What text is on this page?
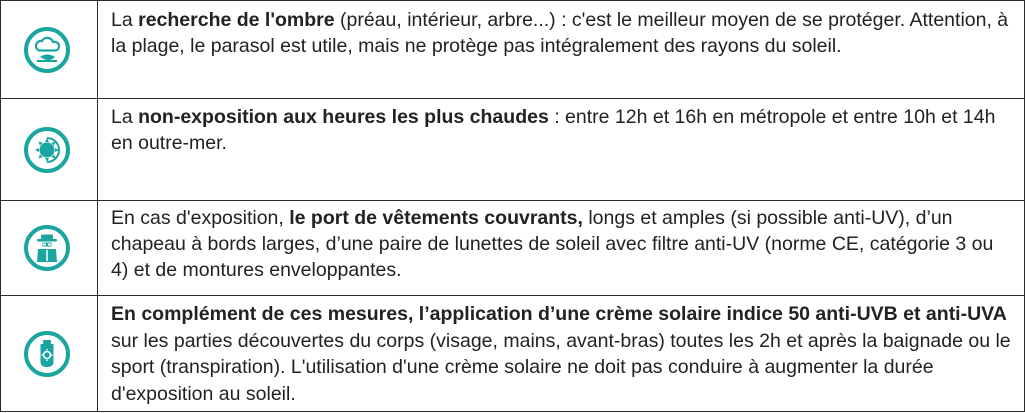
La recherche de l'ombre (préau, intérieur, arbre...) : c'est le meilleur moyen de se protéger. Attention, à la plage, le parasol est utile, mais ne protège pas intégralement des rayons du soleil.
La non-exposition aux heures les plus chaudes : entre 12h et 16h en métropole et entre 10h et 14h en outre-mer.
En cas d'exposition, le port de vêtements couvrants, longs et amples (si possible anti-UV), d’un chapeau à bords larges, d’une paire de lunettes de soleil avec filtre anti-UV (norme CE, catégorie 3 ou 4) et de montures enveloppantes.
En complément de ces mesures, l’application d’une crème solaire indice 50 anti-UVB et anti-UVA sur les parties découvertes du corps (visage, mains, avant-bras) toutes les 2h et après la baignade ou le sport (transpiration). L'utilisation d'une crème solaire ne doit pas conduire à augmenter la durée d'exposition au soleil.
